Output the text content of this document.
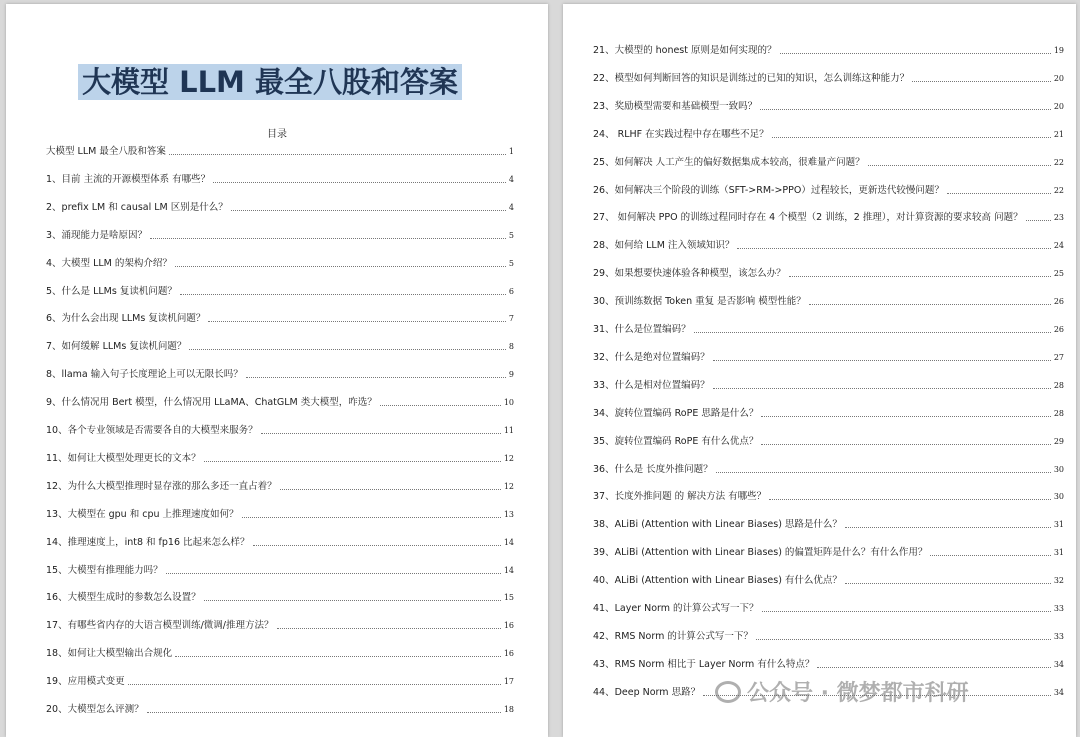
大模型 LLM 最全八股和答案
目录
大模型 LLM 最全八股和答案	1
1、目前 主流的开源模型体系 有哪些？	4
2、prefix LM 和 causal LM 区别是什么？	4
3、涌现能力是啥原因？	5
4、大模型 LLM 的架构介绍？	5
5、什么是 LLMs 复读机问题？	6
6、为什么会出现 LLMs 复读机问题？	7
7、如何缓解 LLMs 复读机问题？	8
8、llama 输入句子长度理论上可以无限长吗？	9
9、什么情况用 Bert 模型，什么情况用 LLaMA、ChatGLM 类大模型，咋选？	10
10、各个专业领域是否需要各自的大模型来服务？	11
11、如何让大模型处理更长的文本？	12
12、为什么大模型推理时显存涨的那么多还一直占着？	12
13、大模型在 gpu 和 cpu 上推理速度如何？	13
14、推理速度上，int8 和 fp16 比起来怎么样？	14
15、大模型有推理能力吗？	14
16、大模型生成时的参数怎么设置？	15
17、有哪些省内存的大语言模型训练/微调/推理方法？	16
18、如何让大模型输出合规化	16
19、应用模式变更	17
20、大模型怎么评测？	18
21、大模型的 honest 原则是如何实现的？	19
22、模型如何判断回答的知识是训练过的已知的知识，怎么训练这种能力？	20
23、奖励模型需要和基础模型一致吗？	20
24、 RLHF 在实践过程中存在哪些不足？	21
25、如何解决 人工产生的偏好数据集成本较高，很难量产问题？	22
26、如何解决三个阶段的训练（SFT->RM->PPO）过程较长，更新迭代较慢问题？	22
27、 如何解决 PPO 的训练过程同时存在 4 个模型（2 训练，2 推理），对计算资源的要求较高 问题？	23
28、如何给 LLM 注入领域知识？	24
29、如果想要快速体验各种模型，该怎么办？	25
30、预训练数据 Token 重复 是否影响 模型性能？	26
31、什么是位置编码？	26
32、什么是绝对位置编码？	27
33、什么是相对位置编码？	28
34、旋转位置编码 RoPE 思路是什么？	28
35、旋转位置编码 RoPE 有什么优点？	29
36、什么是 长度外推问题？	30
37、长度外推问题 的 解决方法 有哪些？	30
38、ALiBi (Attention with Linear Biases) 思路是什么？	31
39、ALiBi (Attention with Linear Biases) 的偏置矩阵是什么？有什么作用？	31
40、ALiBi (Attention with Linear Biases) 有什么优点？	32
41、Layer Norm 的计算公式写一下？	33
42、RMS Norm 的计算公式写一下？	33
43、RMS Norm 相比于 Layer Norm 有什么特点？	34
44、Deep Norm 思路？	34
公众号 · 微梦都市科研
